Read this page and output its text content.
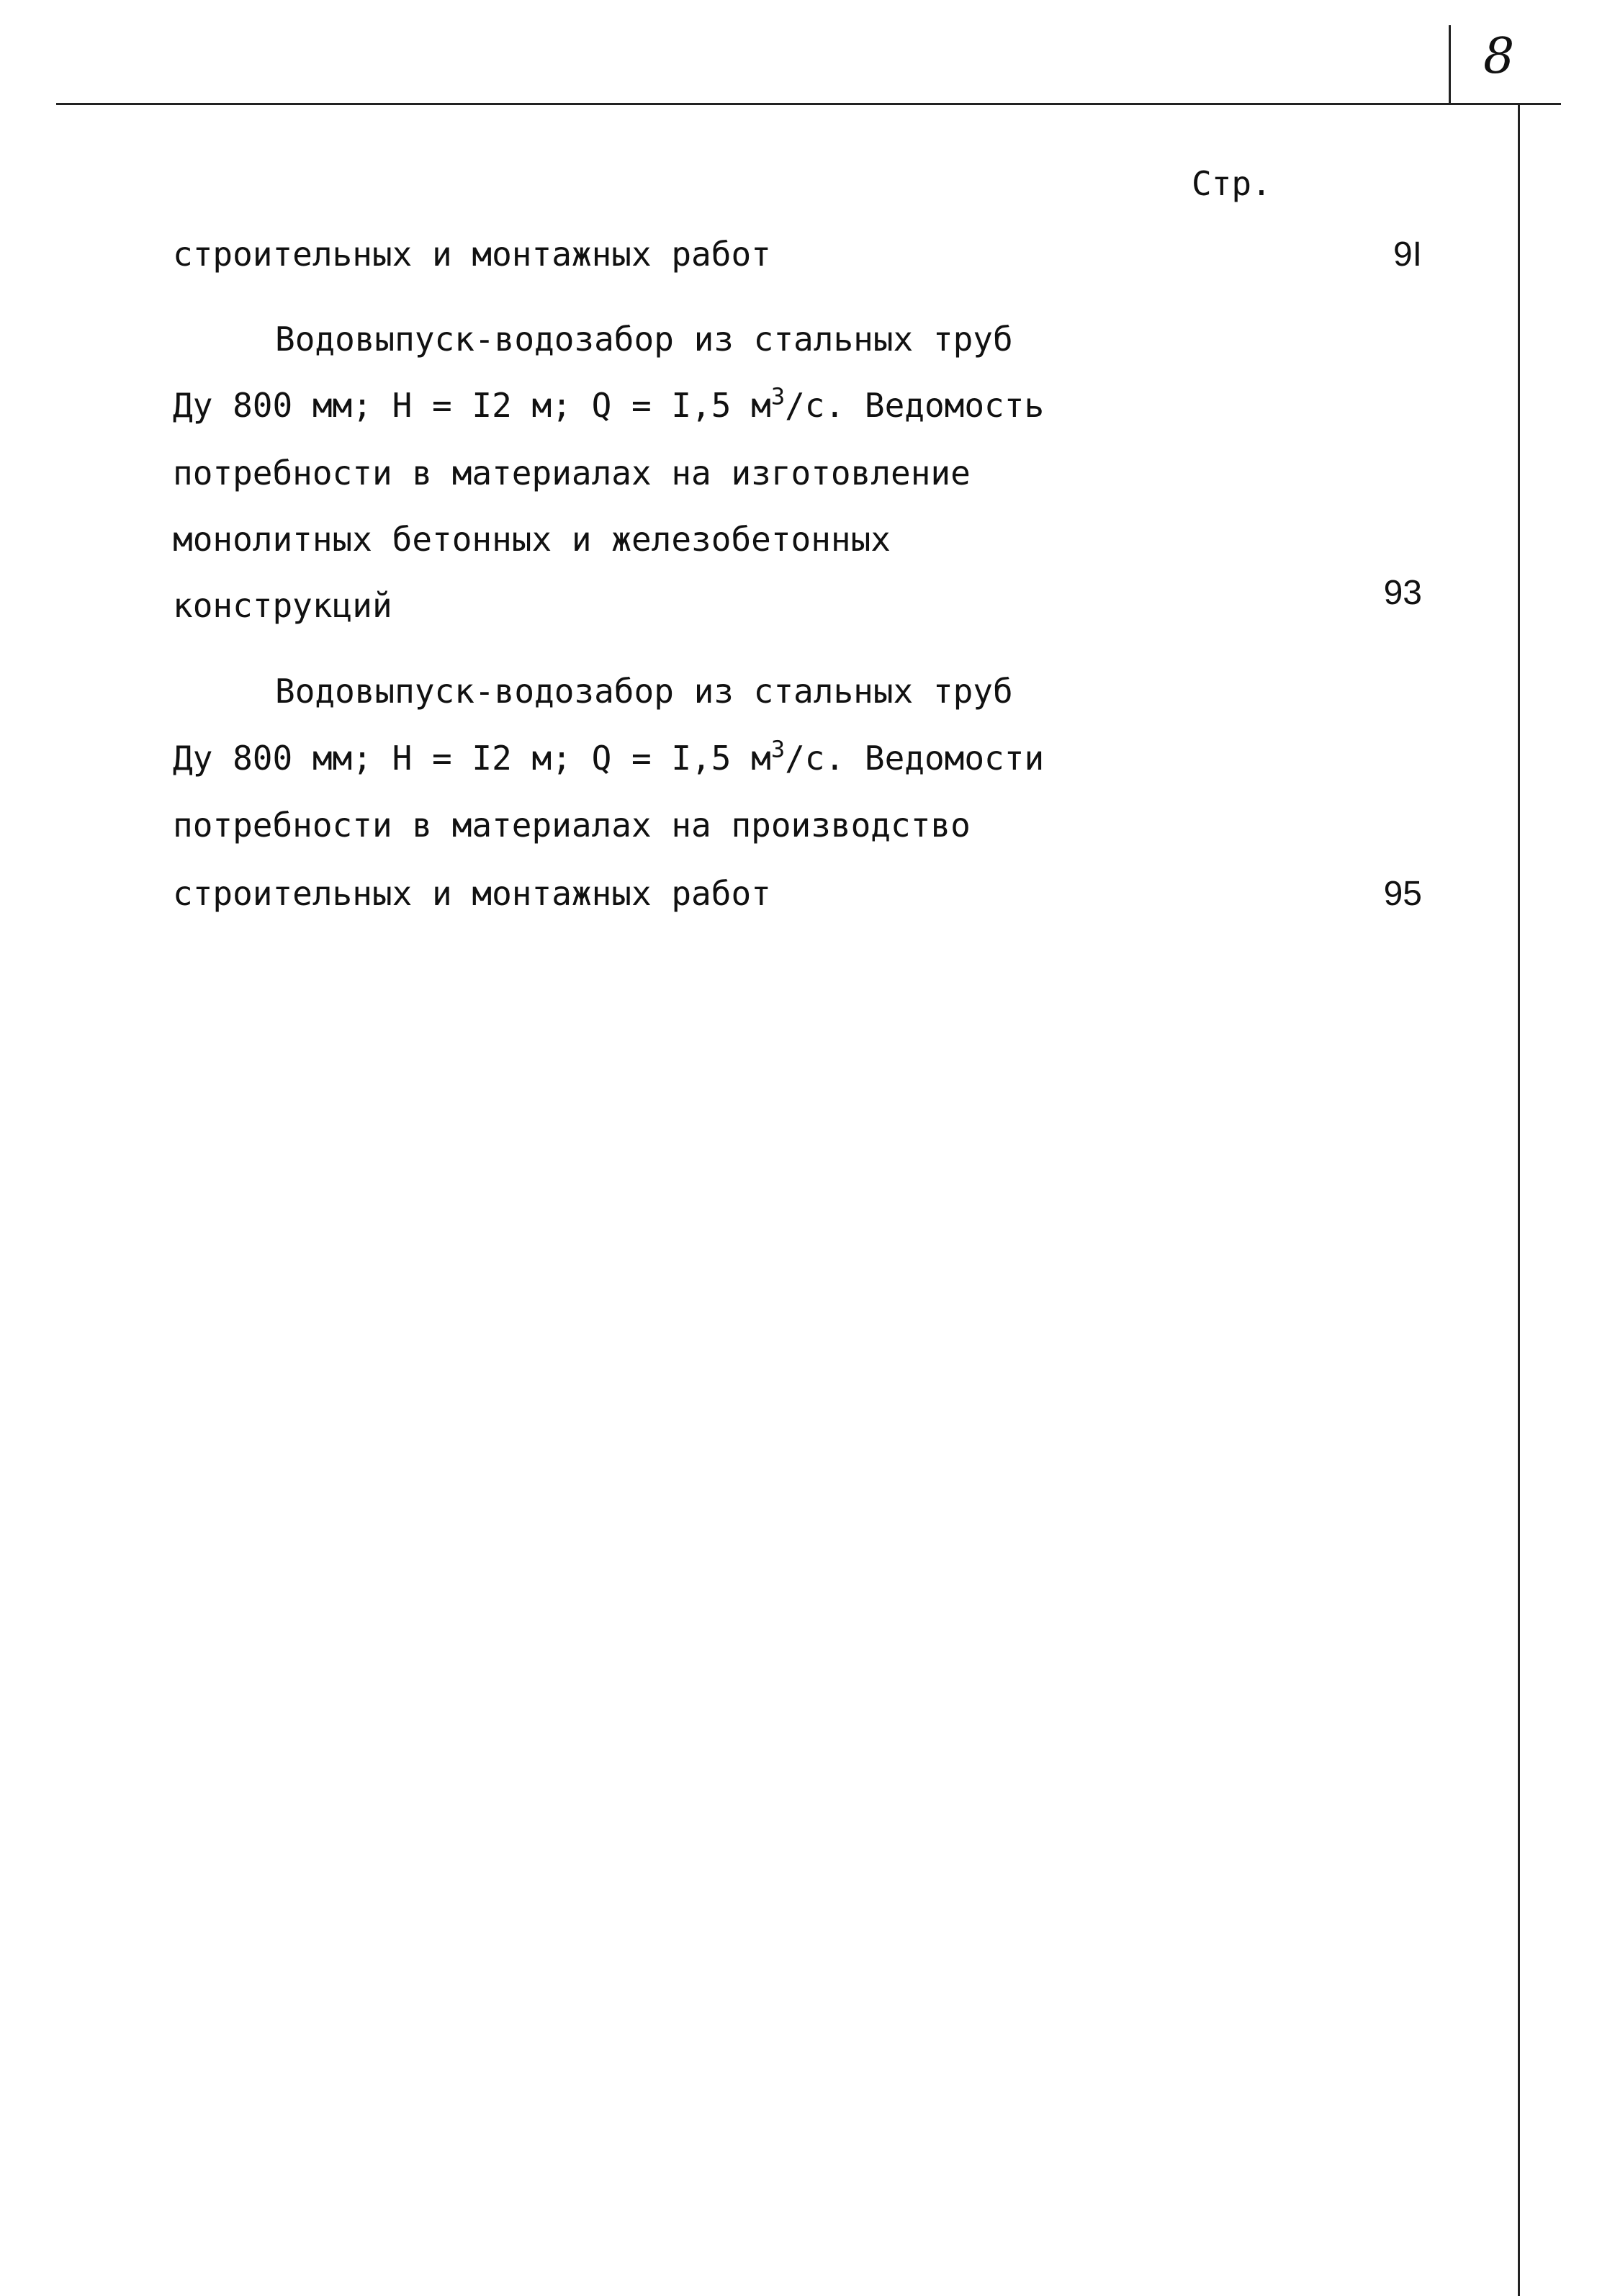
8
Стр.
строительных и монтажных работ	9I
Водовыпуск-водозабор из стальных труб
Ду 800 мм; Н = I2 м; Q = I,5 $м^3/с$. Ведомость
потребности в материалах на изготовление
монолитных бетонных и железобетонных
конструкций	93
Водовыпуск-водозабор из стальных труб
Ду 800 мм; Н = I2 м; Q = I,5 $м^3/с$. Ведомости
потребности в материалах на производство
строительных и монтажных работ	95
